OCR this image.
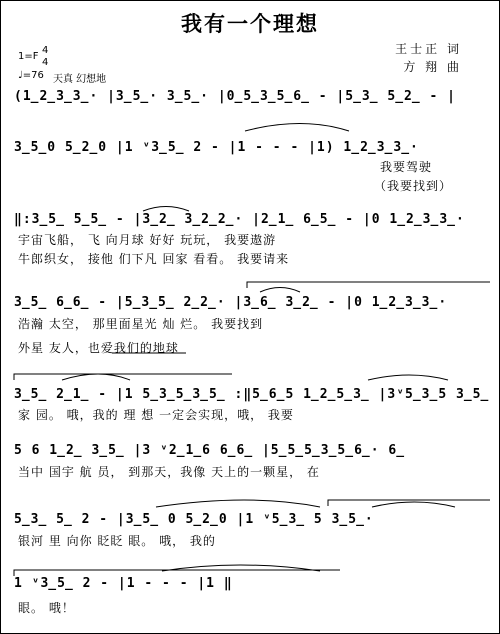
我有一个理想
王士正 词
方 翔 曲
1=F
4
4
♩=76 天真 幻想地
(1̲2̲3̲3̲· |3̲5̲· 3̲5̲· |0̲5̲3̲5̲6̲ - |5̲3̲ 5̲2̲ - |
3̲5̲0 5̲2̲0 |1 ᵛ3̲5̲ 2 - |1 - - - |1) 1̲2̲3̲3̲·
我要驾驶
（我要找到）
‖:3̲5̲ 5̲5̲ - |3̲2̲ 3̲2̲2̲· |2̲1̲ 6̲5̲ - |0 1̲2̲3̲3̲·
宇宙飞船， 飞 向月球 好好 玩玩， 我要遨游
牛郎织女， 接他 们下凡 回家 看看。 我要请来
3̲5̲ 6̲6̲ - |5̲3̲5̲ 2̲2̲· |3̲6̲ 3̲2̲ - |0 1̲2̲3̲3̲·
浩瀚 太空， 那里面星光 灿 烂。 我要找到
外星 友人，也爱我们的地球
3̲5̲ 2̲1̲ - |1 5̲3̲5̲3̲5̲ :‖5̲6̲5 1̲2̲5̲3̲ |3ᵛ5̲3̲5 3̲5̲
家 园。 哦，我的 理 想 一定会实现，哦， 我要
5 6 1̲2̲ 3̲5̲ |3 ᵛ2̲1̲6 6̲6̲ |5̲5̲5̲3̲5̲6̲· 6̲
当中 国宇 航 员， 到那天，我像 天上的一颗星， 在
5̲3̲ 5̲ 2 - |3̲5̲ 0 5̲2̲0 |1 ᵛ5̲3̲ 5 3̲5̲·
银河 里 向你 眨眨 眼。 哦， 我的
1 ᵛ3̲5̲ 2 - |1 - - - |1 ‖
眼。 哦！
